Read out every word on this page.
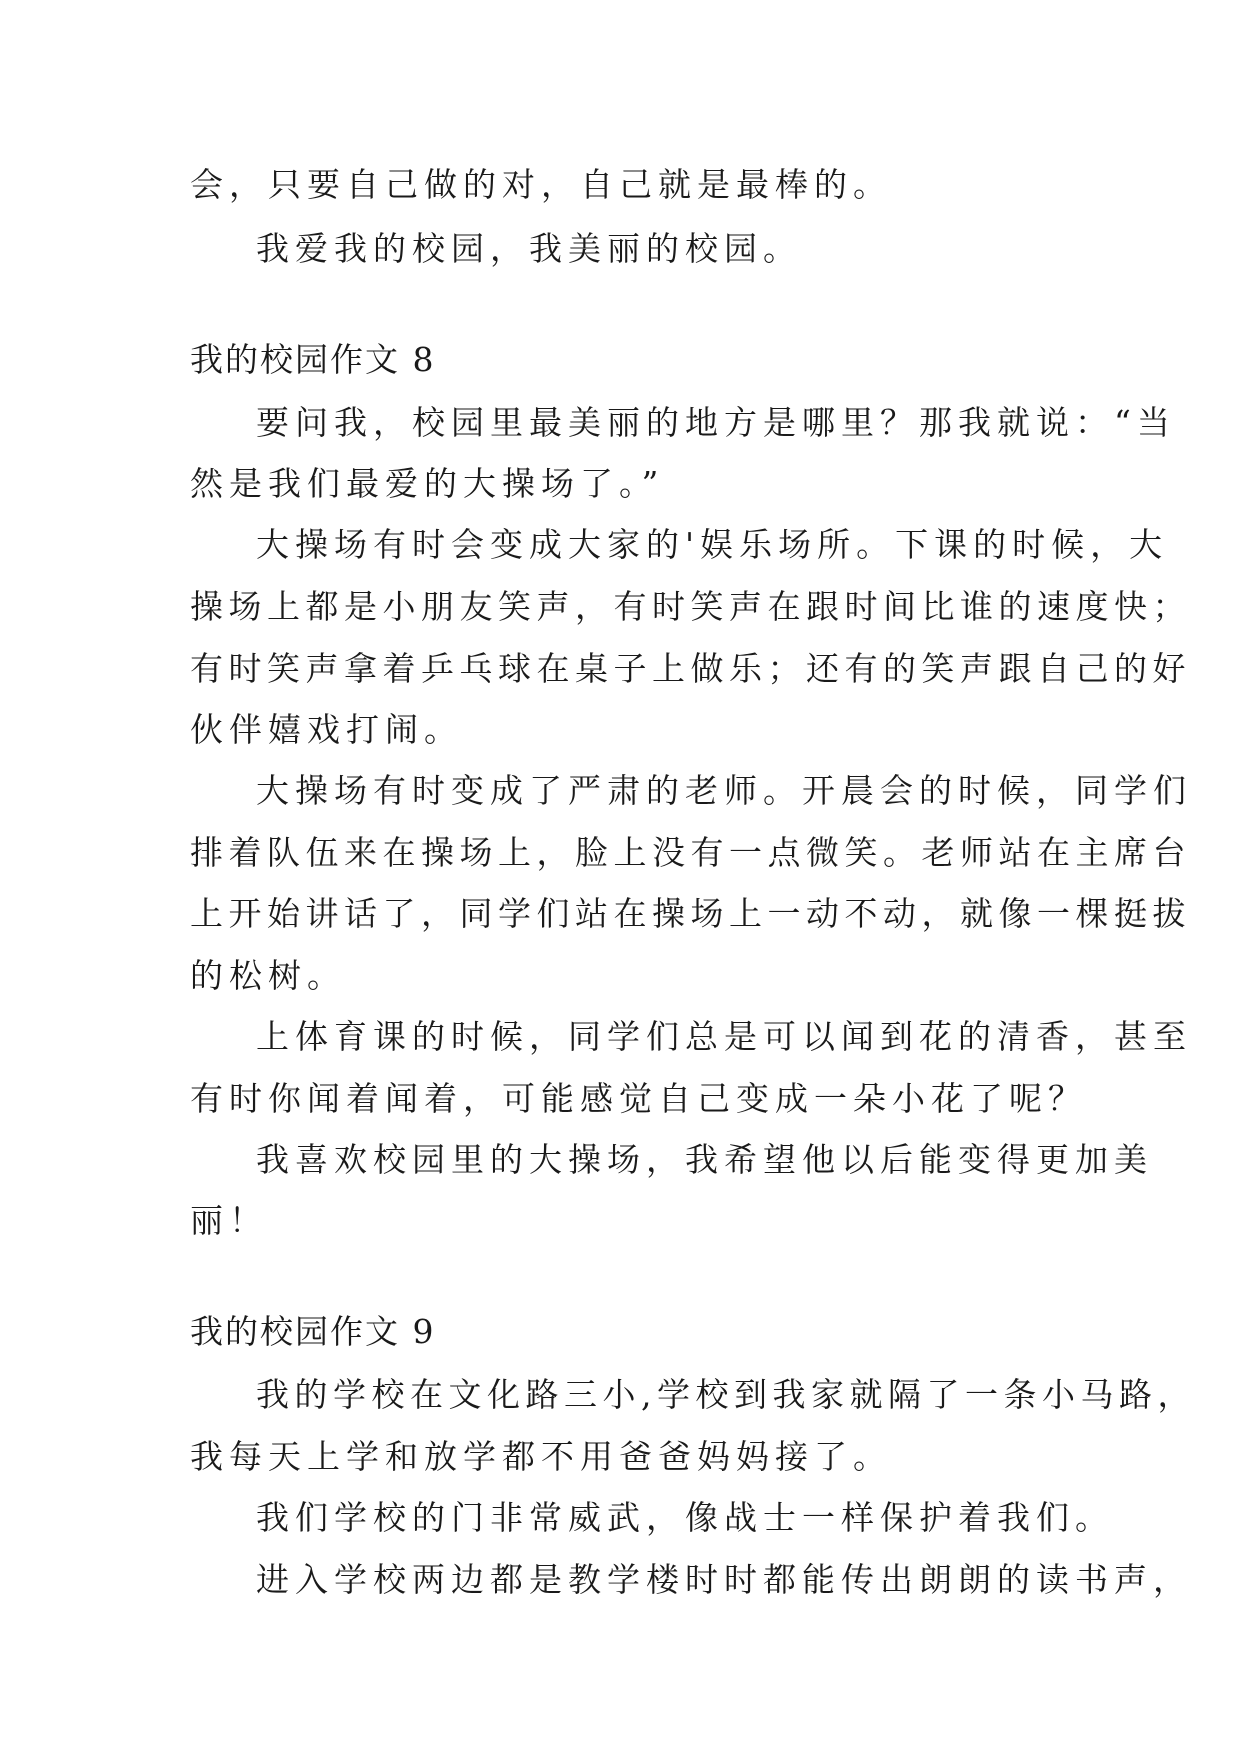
会，只要自己做的对，自己就是最棒的。
我爱我的校园，我美丽的校园。
我的校园作文 8
要问我，校园里最美丽的地方是哪里？那我就说：“当
然是我们最爱的大操场了。”
大操场有时会变成大家的'娱乐场所。下课的时候，大
操场上都是小朋友笑声，有时笑声在跟时间比谁的速度快；
有时笑声拿着乒乓球在桌子上做乐；还有的笑声跟自己的好
伙伴嬉戏打闹。
大操场有时变成了严肃的老师。开晨会的时候，同学们
排着队伍来在操场上，脸上没有一点微笑。老师站在主席台
上开始讲话了，同学们站在操场上一动不动，就像一棵挺拔
的松树。
上体育课的时候，同学们总是可以闻到花的清香，甚至
有时你闻着闻着，可能感觉自己变成一朵小花了呢？
我喜欢校园里的大操场，我希望他以后能变得更加美
丽！
我的校园作文 9
我的学校在文化路三小,学校到我家就隔了一条小马路，
我每天上学和放学都不用爸爸妈妈接了。
我们学校的门非常威武，像战士一样保护着我们。
进入学校两边都是教学楼时时都能传出朗朗的读书声，
